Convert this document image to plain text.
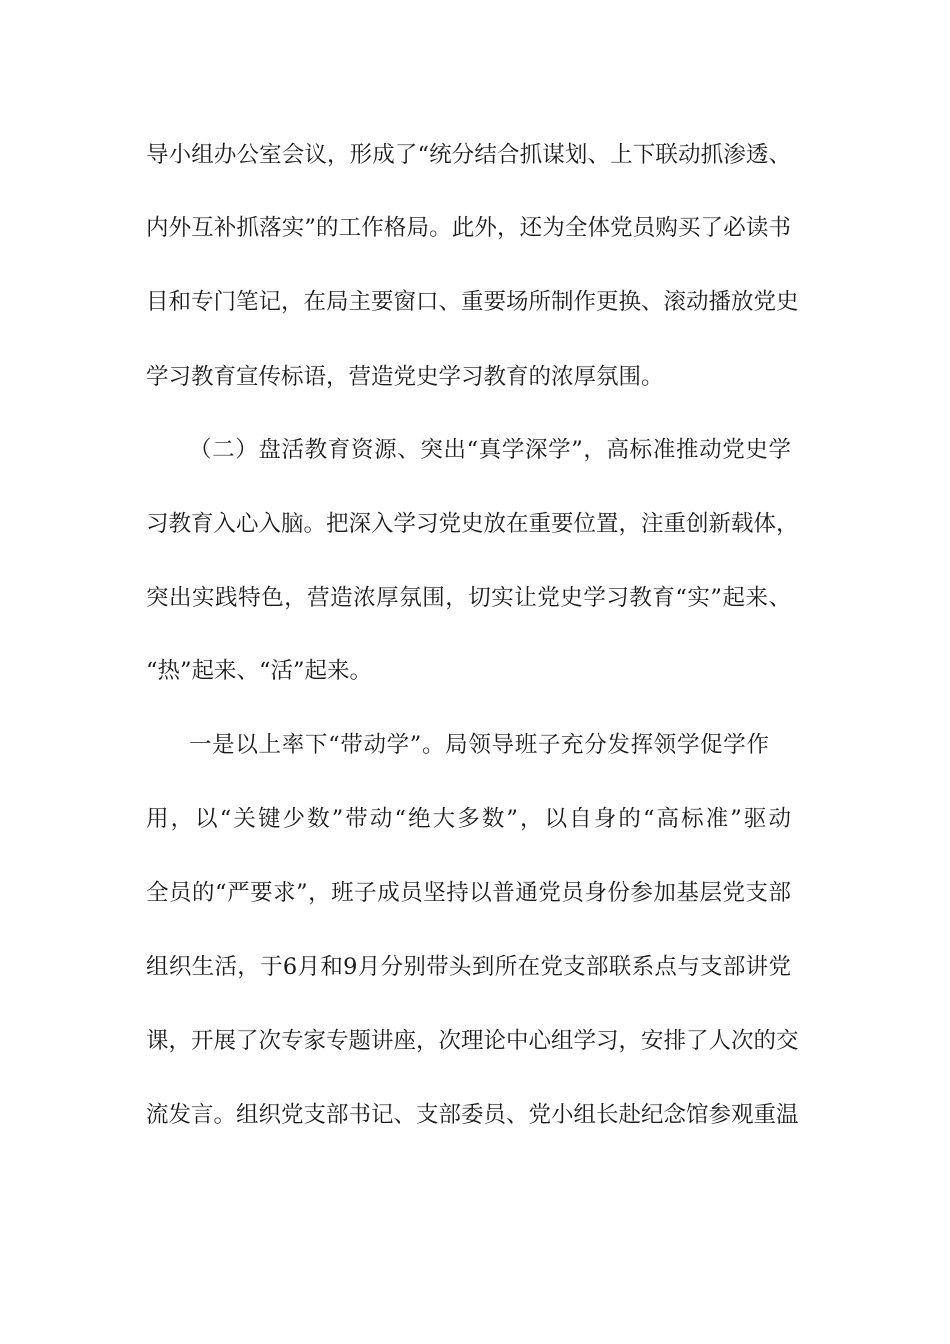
导小组办公室会议，形成了“统分结合抓谋划、上下联动抓渗透、
内外互补抓落实”的工作格局。此外，还为全体党员购买了必读书
目和专门笔记，在局主要窗口、重要场所制作更换、滚动播放党史
学习教育宣传标语，营造党史学习教育的浓厚氛围。
（二）盘活教育资源、突出“真学深学”，高标准推动党史学
习教育入心入脑。把深入学习党史放在重要位置，注重创新载体，
突出实践特色，营造浓厚氛围，切实让党史学习教育“实”起来、
“热”起来、“活”起来。
一是以上率下“带动学”。局领导班子充分发挥领学促学作
用，以“关键少数”带动“绝大多数”，以自身的“高标准”驱动
全员的“严要求”，班子成员坚持以普通党员身份参加基层党支部
组织生活，于6月和9月分别带头到所在党支部联系点与支部讲党
课，开展了次专家专题讲座，次理论中心组学习，安排了人次的交
流发言。组织党支部书记、支部委员、党小组长赴纪念馆参观重温
